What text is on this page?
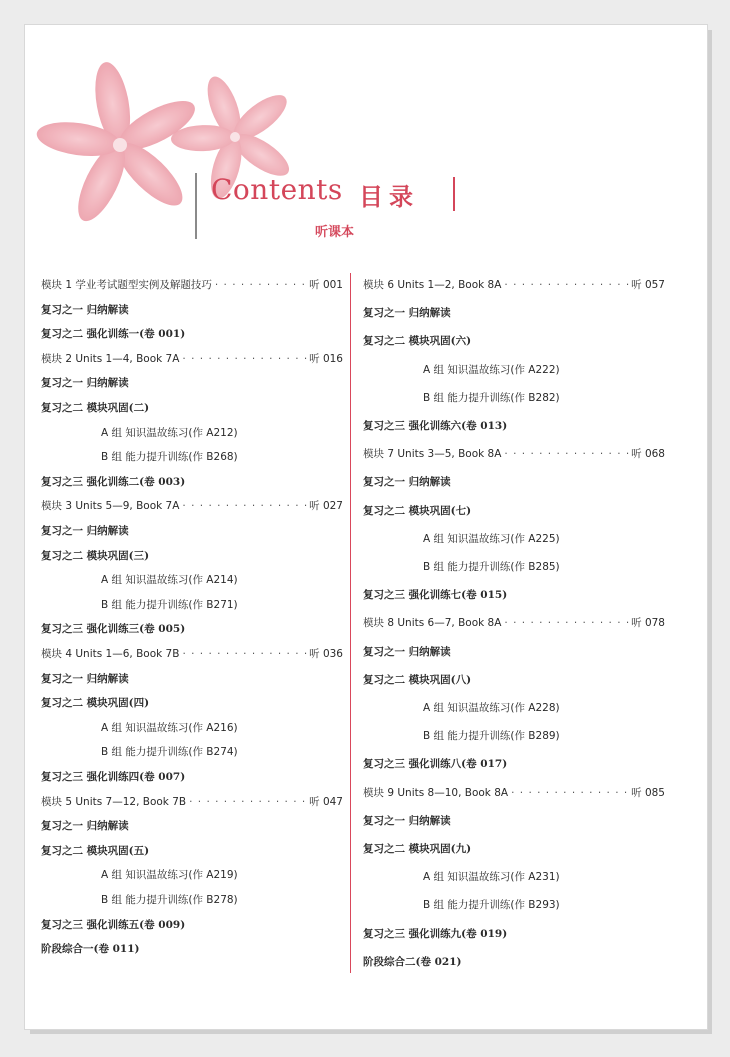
Contents 目录
听课本
模块 1 学业考试题型实例及解题技巧 · · ·	听 001
复习之一 归纳解读
复习之二 强化训练一(卷 001)
模块 2 Units 1—4, Book 7A · · ·	听 016
复习之一 归纳解读
复习之二 模块巩固(二)
A 组 知识温故练习(作 A212)
B 组 能力提升训练(作 B268)
复习之三 强化训练二(卷 003)
模块 3 Units 5—9, Book 7A · · ·	听 027
复习之一 归纳解读
复习之二 模块巩固(三)
A 组 知识温故练习(作 A214)
B 组 能力提升训练(作 B271)
复习之三 强化训练三(卷 005)
模块 4 Units 1—6, Book 7B · · ·	听 036
复习之一 归纳解读
复习之二 模块巩固(四)
A 组 知识温故练习(作 A216)
B 组 能力提升训练(作 B274)
复习之三 强化训练四(卷 007)
模块 5 Units 7—12, Book 7B · · ·	听 047
复习之一 归纳解读
复习之二 模块巩固(五)
A 组 知识温故练习(作 A219)
B 组 能力提升训练(作 B278)
复习之三 强化训练五(卷 009)
阶段综合一(卷 011)
模块 6 Units 1—2, Book 8A · · ·	听 057
复习之一 归纳解读
复习之二 模块巩固(六)
A 组 知识温故练习(作 A222)
B 组 能力提升训练(作 B282)
复习之三 强化训练六(卷 013)
模块 7 Units 3—5, Book 8A · · ·	听 068
复习之一 归纳解读
复习之二 模块巩固(七)
A 组 知识温故练习(作 A225)
B 组 能力提升训练(作 B285)
复习之三 强化训练七(卷 015)
模块 8 Units 6—7, Book 8A · · ·	听 078
复习之一 归纳解读
复习之二 模块巩固(八)
A 组 知识温故练习(作 A228)
B 组 能力提升训练(作 B289)
复习之三 强化训练八(卷 017)
模块 9 Units 8—10, Book 8A · · ·	听 085
复习之一 归纳解读
复习之二 模块巩固(九)
A 组 知识温故练习(作 A231)
B 组 能力提升训练(作 B293)
复习之三 强化训练九(卷 019)
阶段综合二(卷 021)
